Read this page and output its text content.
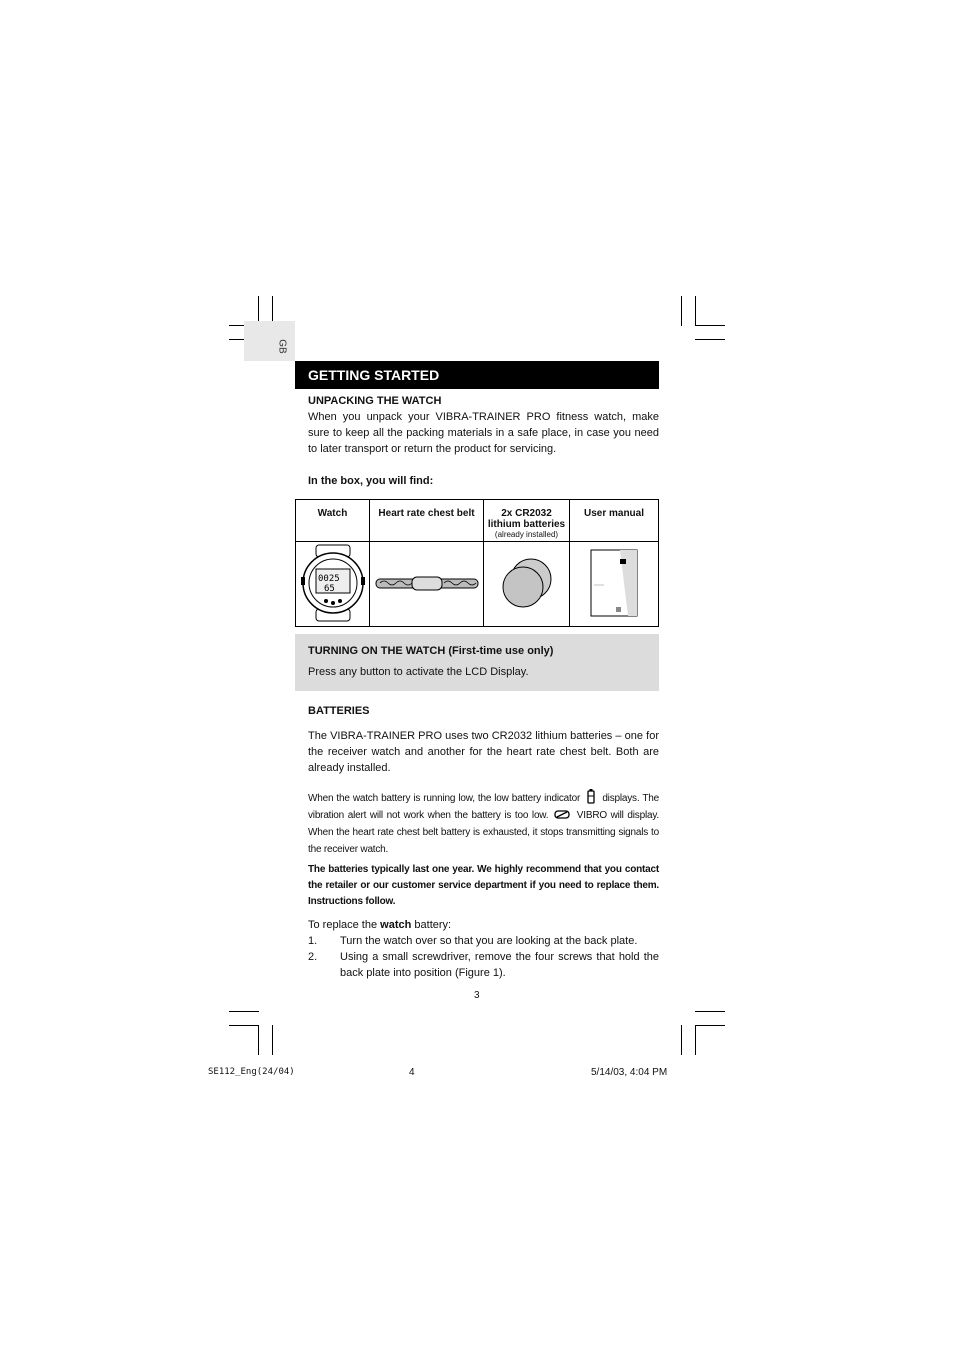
GB
GETTING STARTED
UNPACKING THE WATCH
When you unpack your VIBRA-TRAINER PRO fitness watch, make sure to keep all the packing materials in a safe place, in case you need to later transport or return the product for servicing.
In the box, you will find:
Watch	Heart rate chest belt	2x CR2032
lithium batteries
(already installed)	User manual

0025
65

TURNING ON THE WATCH (First-time use only)
Press any button to activate the LCD Display.
BATTERIES
The VIBRA-TRAINER PRO uses two CR2032 lithium batteries – one for the receiver watch and another for the heart rate chest belt. Both are already installed.
When the watch battery is running low, the low battery indicator displays. The vibration alert will not work when the battery is too low.	VIBRO will display. When the heart rate chest belt battery is exhausted, it stops transmitting signals to the receiver watch.
The batteries typically last one year. We highly recommend that you contact the retailer or our customer service department if you need to replace them. Instructions follow.
To replace the watch battery:
1. Turn the watch over so that you are looking at the back plate.
2. Using a small screwdriver, remove the four screws that hold the back plate into position (Figure 1).
3
SE112_Eng(24/04)	4	5/14/03, 4:04 PM
